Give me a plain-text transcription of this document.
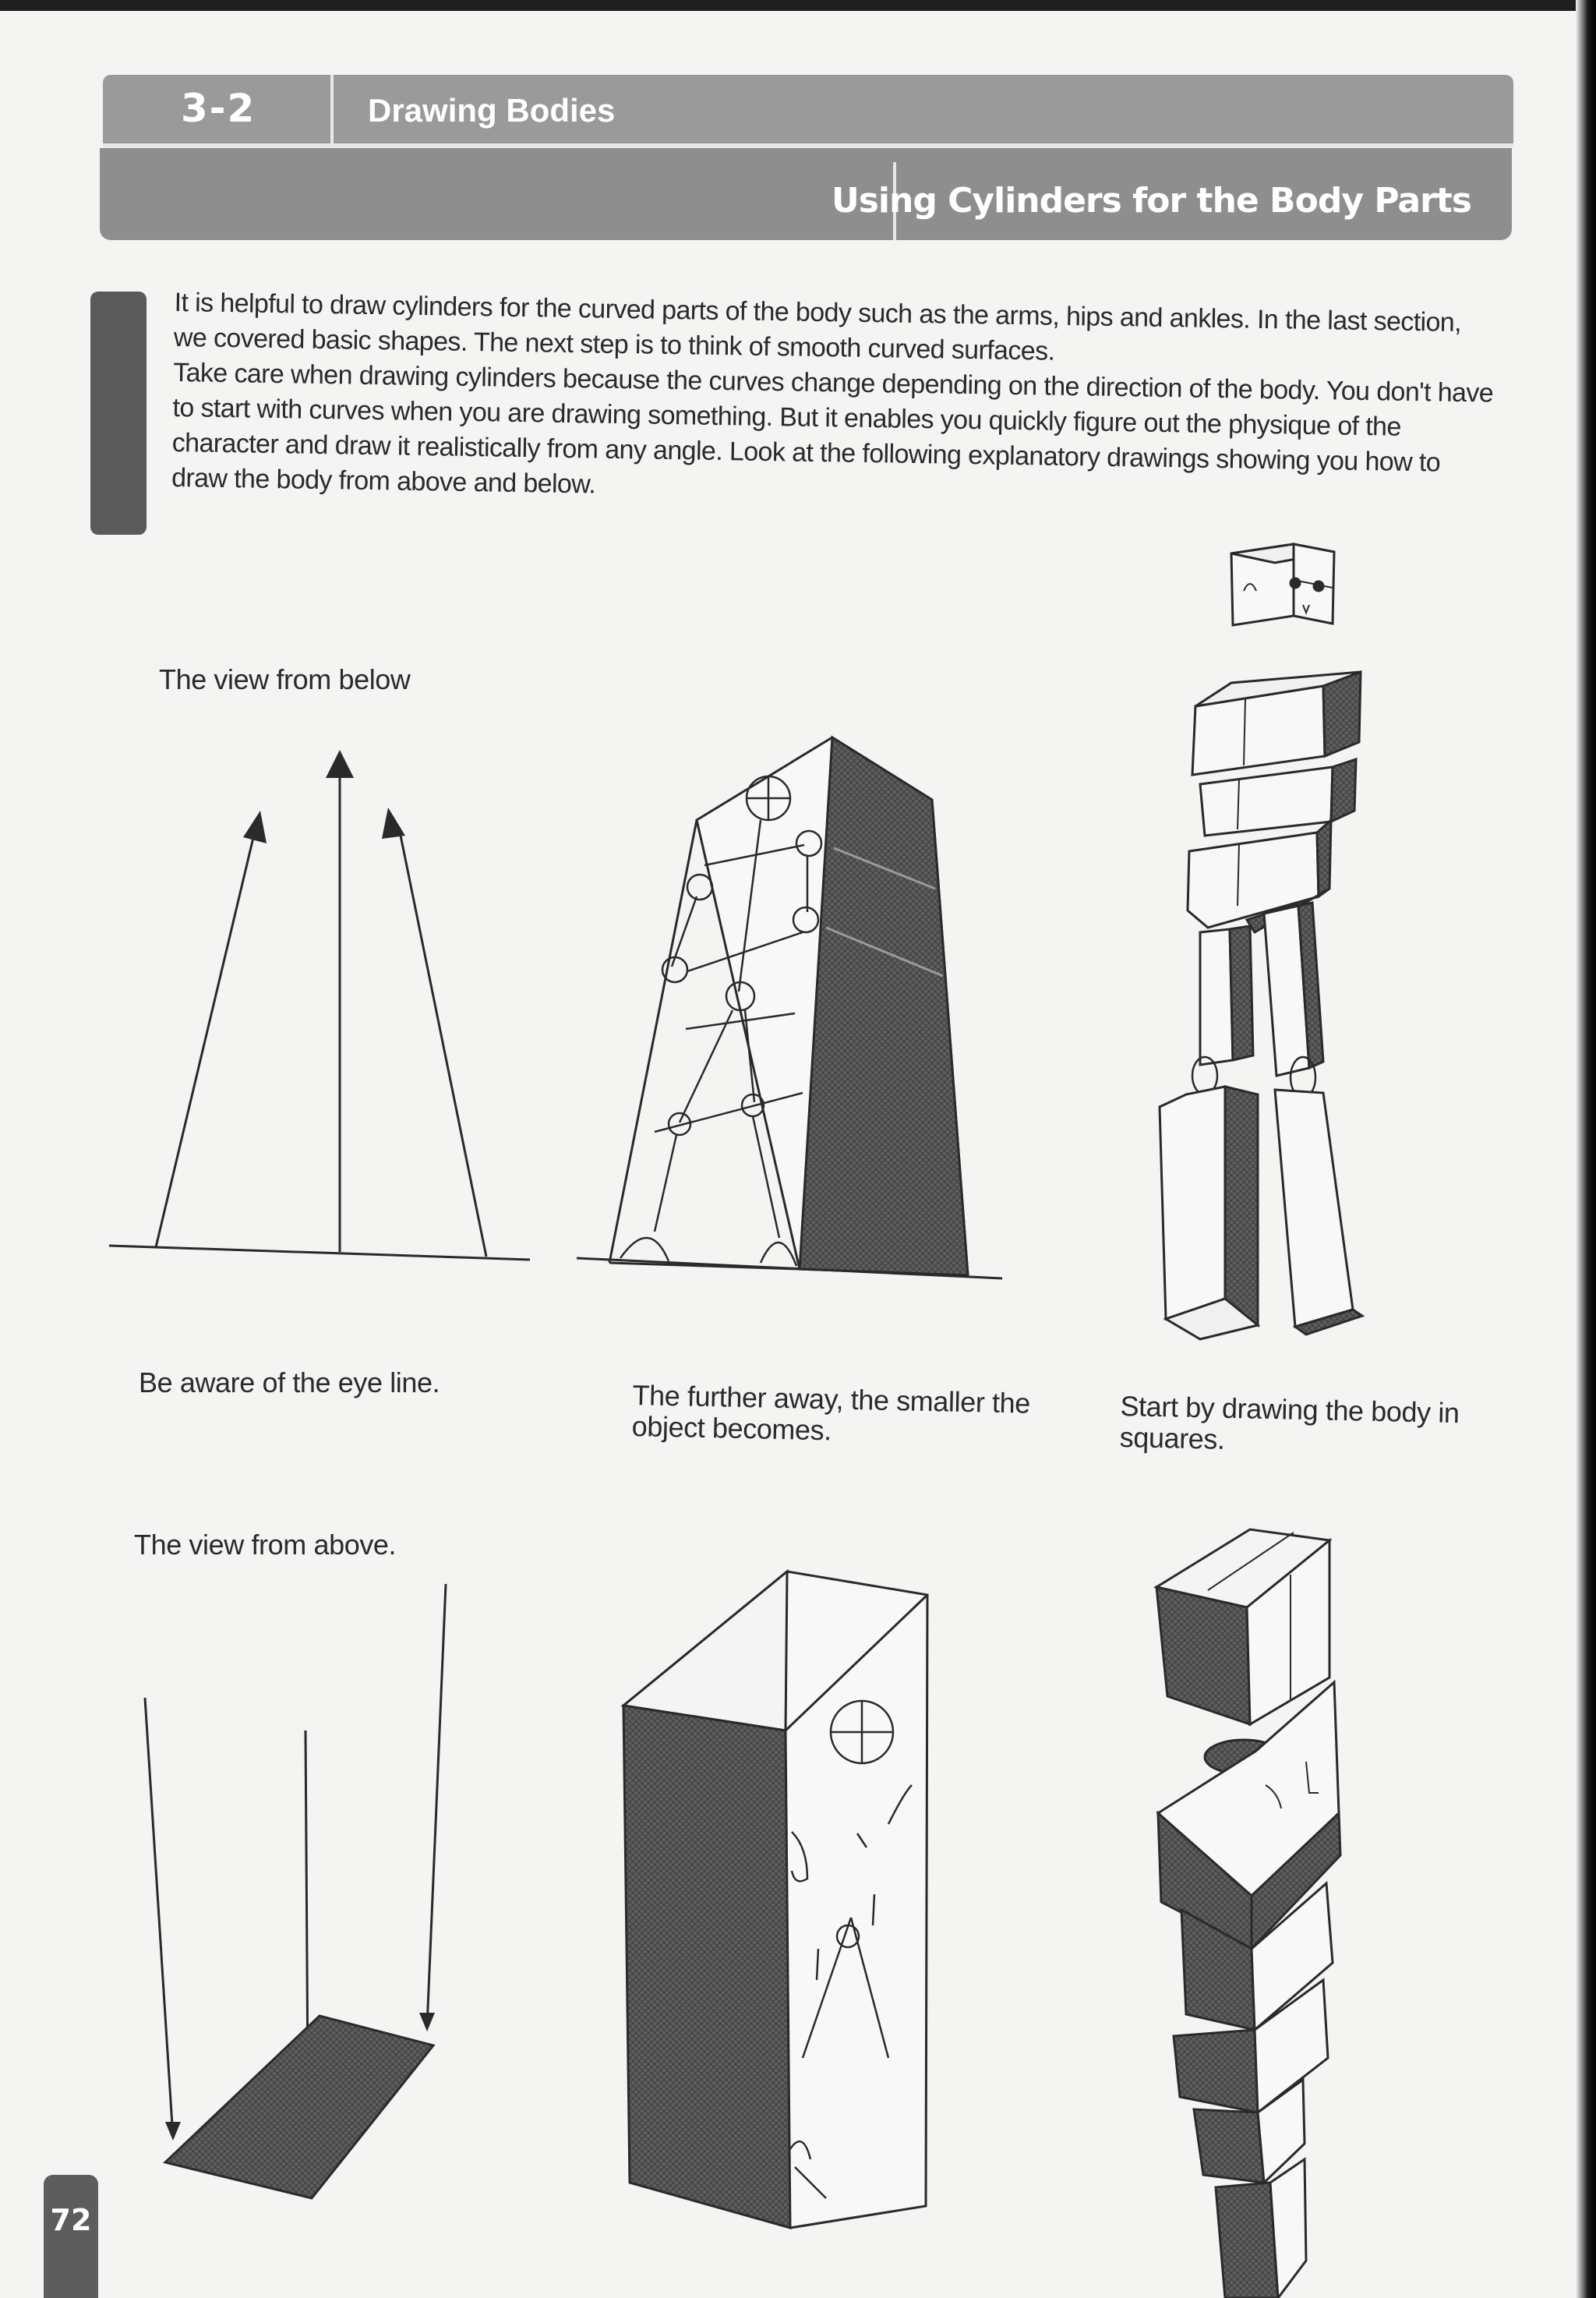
3-2	Drawing Bodies
Using Cylinders for the Body Parts

It is helpful to draw cylinders for the curved parts of the body such as the arms, hips and ankles. In the last section, we covered basic shapes. The next step is to think of smooth curved surfaces.

Take care when drawing cylinders because the curves change depending on the direction of the body. You don't have to start with curves when you are drawing something. But it enables you quickly figure out the physique of the character and draw it realistically from any angle. Look at the following explanatory drawings showing you how to draw the body from above and below.

The view from below
Be aware of the eye line.	The further away, the smaller the object becomes.	Start by drawing the body in squares.
The view from above.
72
